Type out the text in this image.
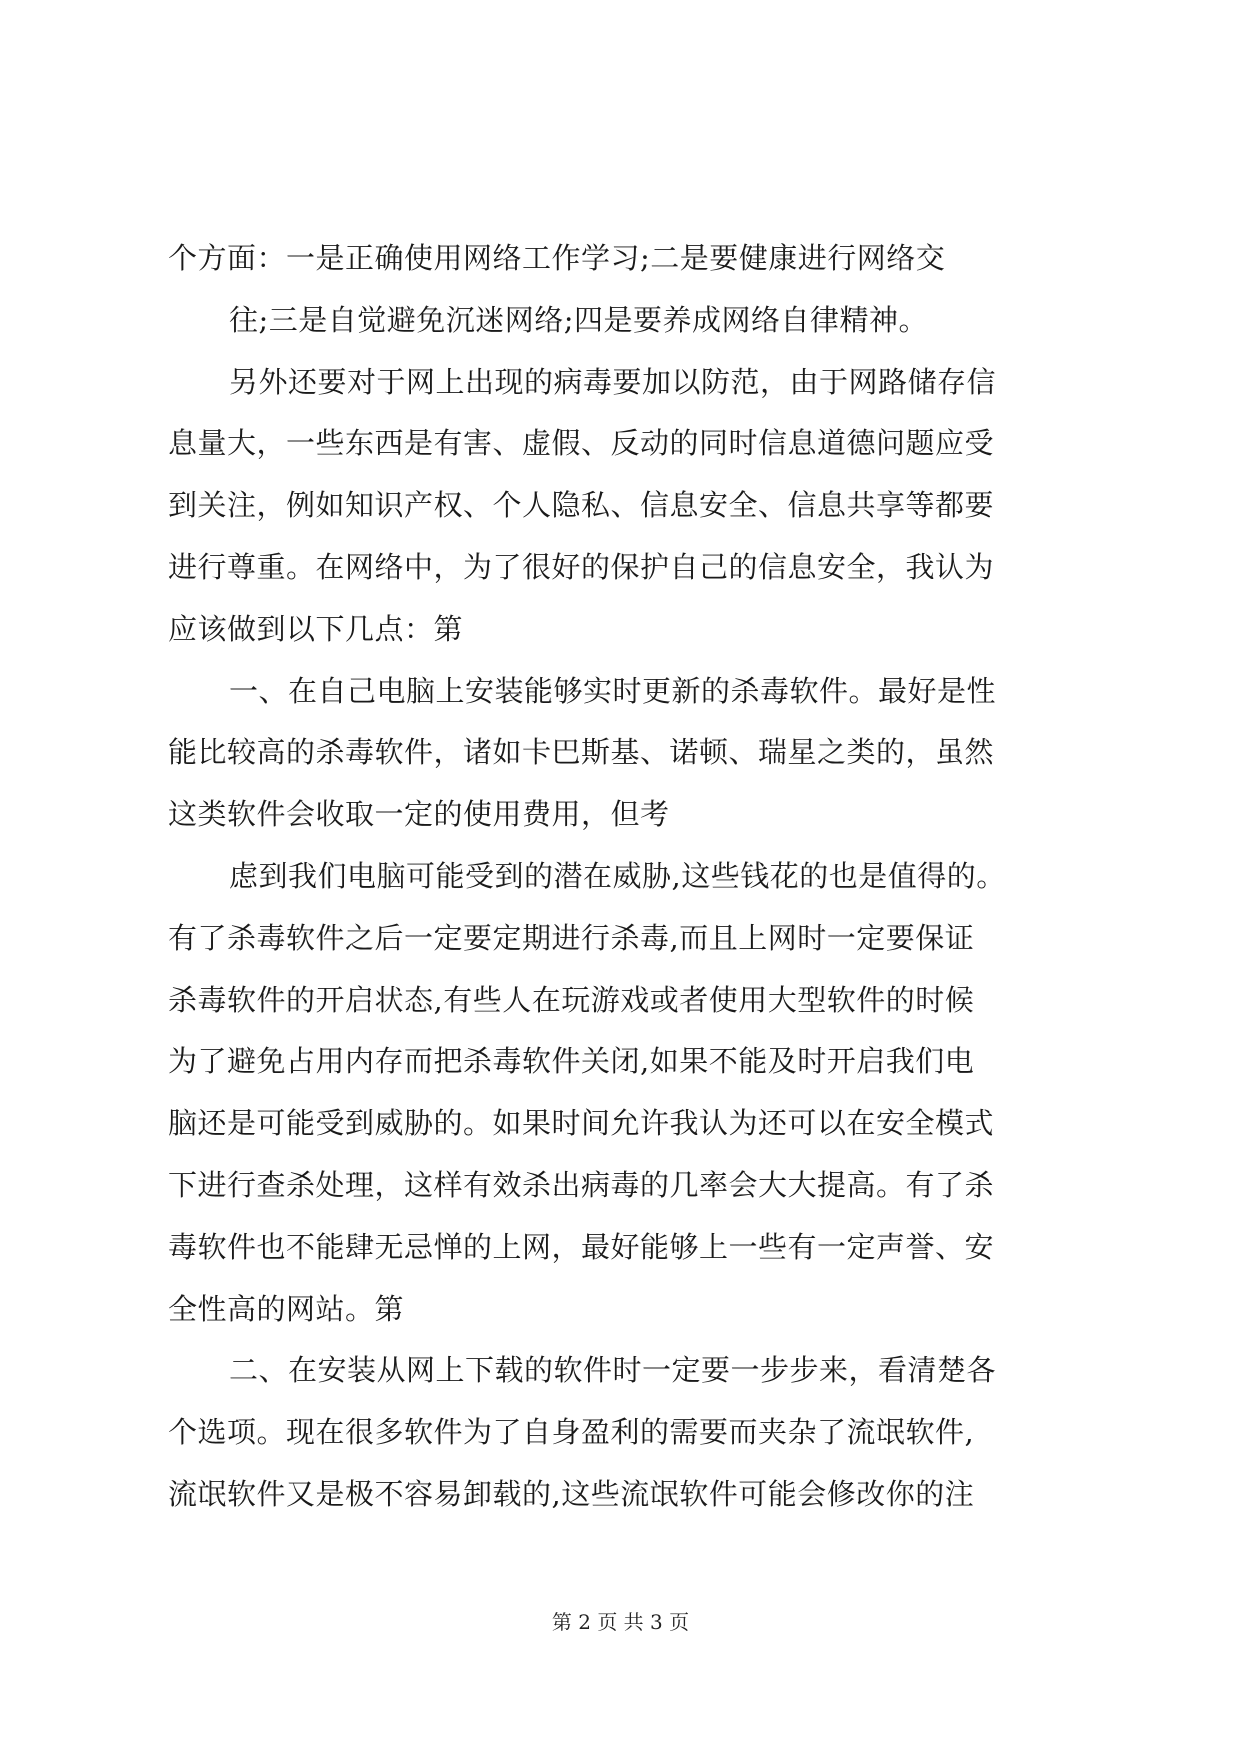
个方面：一是正确使用网络工作学习;二是要健康进行网络交
往;三是自觉避免沉迷网络;四是要养成网络自律精神。
另外还要对于网上出现的病毒要加以防范，由于网路储存信
息量大，一些东西是有害、虚假、反动的同时信息道德问题应受
到关注，例如知识产权、个人隐私、信息安全、信息共享等都要
进行尊重。在网络中，为了很好的保护自己的信息安全，我认为
应该做到以下几点：第
一、在自己电脑上安装能够实时更新的杀毒软件。最好是性
能比较高的杀毒软件，诸如卡巴斯基、诺顿、瑞星之类的，虽然
这类软件会收取一定的使用费用，但考
虑到我们电脑可能受到的潜在威胁,这些钱花的也是值得的。
有了杀毒软件之后一定要定期进行杀毒,而且上网时一定要保证
杀毒软件的开启状态,有些人在玩游戏或者使用大型软件的时候
为了避免占用内存而把杀毒软件关闭,如果不能及时开启我们电
脑还是可能受到威胁的。如果时间允许我认为还可以在安全模式
下进行查杀处理，这样有效杀出病毒的几率会大大提高。有了杀
毒软件也不能肆无忌惮的上网，最好能够上一些有一定声誉、安
全性高的网站。第
二、在安装从网上下载的软件时一定要一步步来，看清楚各
个选项。现在很多软件为了自身盈利的需要而夹杂了流氓软件,
流氓软件又是极不容易卸载的,这些流氓软件可能会修改你的注
第 2 页 共 3 页
